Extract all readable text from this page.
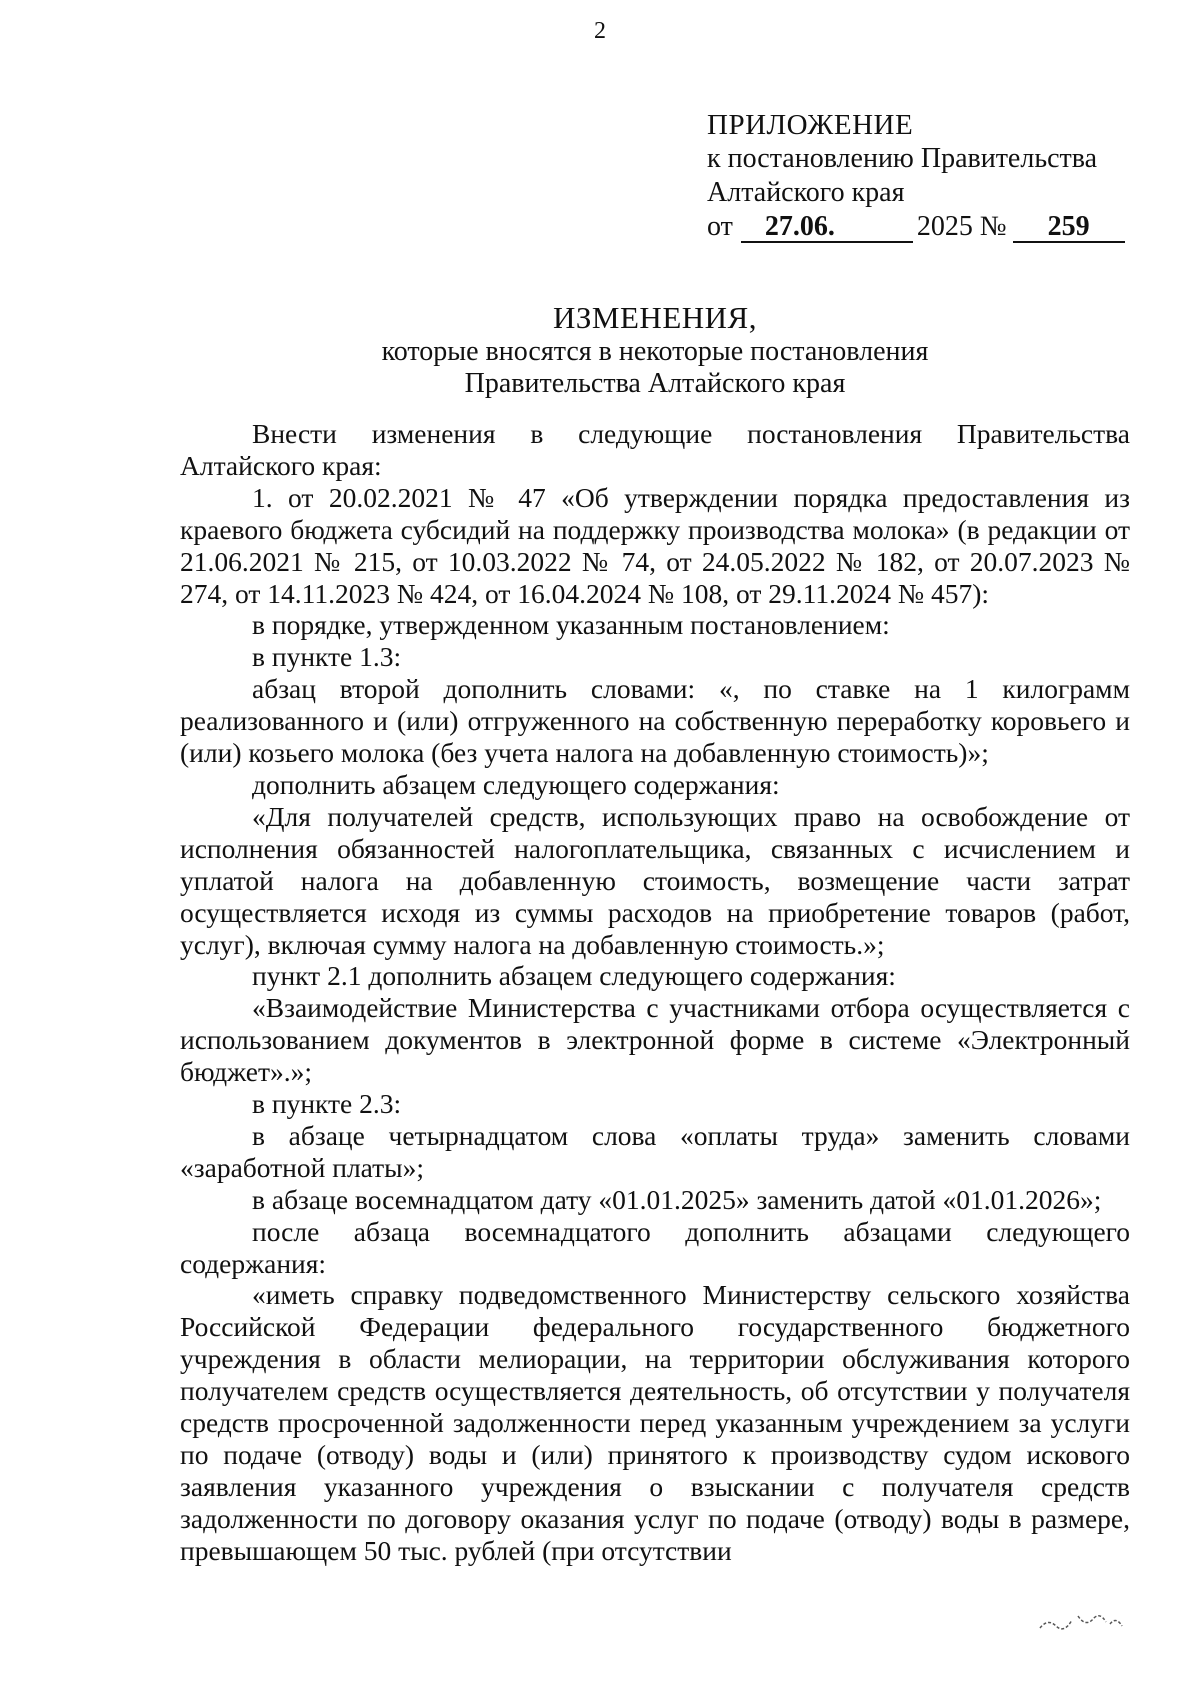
2
ПРИЛОЖЕНИЕ
к постановлению Правительства
Алтайского края
от	27.06.	2025 №	259
ИЗМЕНЕНИЯ,
которые вносятся в некоторые постановления
Правительства Алтайского края

Внести изменения в следующие постановления Правительства Алтайского края:

1. от 20.02.2021 № 47 «Об утверждении порядка предоставления из краевого бюджета субсидий на поддержку производства молока» (в редакции от 21.06.2021 № 215, от 10.03.2022 № 74, от 24.05.2022 № 182, от 20.07.2023 № 274, от 14.11.2023 № 424, от 16.04.2024 № 108, от 29.11.2024 № 457):

в порядке, утвержденном указанным постановлением:

в пункте 1.3:

абзац второй дополнить словами: «, по ставке на 1 килограмм реализованного и (или) отгруженного на собственную переработку коровьего и (или) козьего молока (без учета налога на добавленную стоимость)»;

дополнить абзацем следующего содержания:

«Для получателей средств, использующих право на освобождение от исполнения обязанностей налогоплательщика, связанных с исчислением и уплатой налога на добавленную стоимость, возмещение части затрат осуществляется исходя из суммы расходов на приобретение товаров (работ, услуг), включая сумму налога на добавленную стоимость.»;

пункт 2.1 дополнить абзацем следующего содержания:

«Взаимодействие Министерства с участниками отбора осуществляется с использованием документов в электронной форме в системе «Электронный бюджет».»;

в пункте 2.3:

в абзаце четырнадцатом слова «оплаты труда» заменить словами «заработной платы»;

в абзаце восемнадцатом дату «01.01.2025» заменить датой «01.01.2026»;

после абзаца восемнадцатого дополнить абзацами следующего содержания:

«иметь справку подведомственного Министерству сельского хозяйства Российской Федерации федерального государственного бюджетного учреждения в области мелиорации, на территории обслуживания которого получателем средств осуществляется деятельность, об отсутствии у получателя средств просроченной задолженности перед указанным учреждением за услуги по подаче (отводу) воды и (или) принятого к производству судом искового заявления указанного учреждения о взыскании с получателя средств задолженности по договору оказания услуг по подаче (отводу) воды в размере, превышающем 50 тыс. рублей (при отсутствии
